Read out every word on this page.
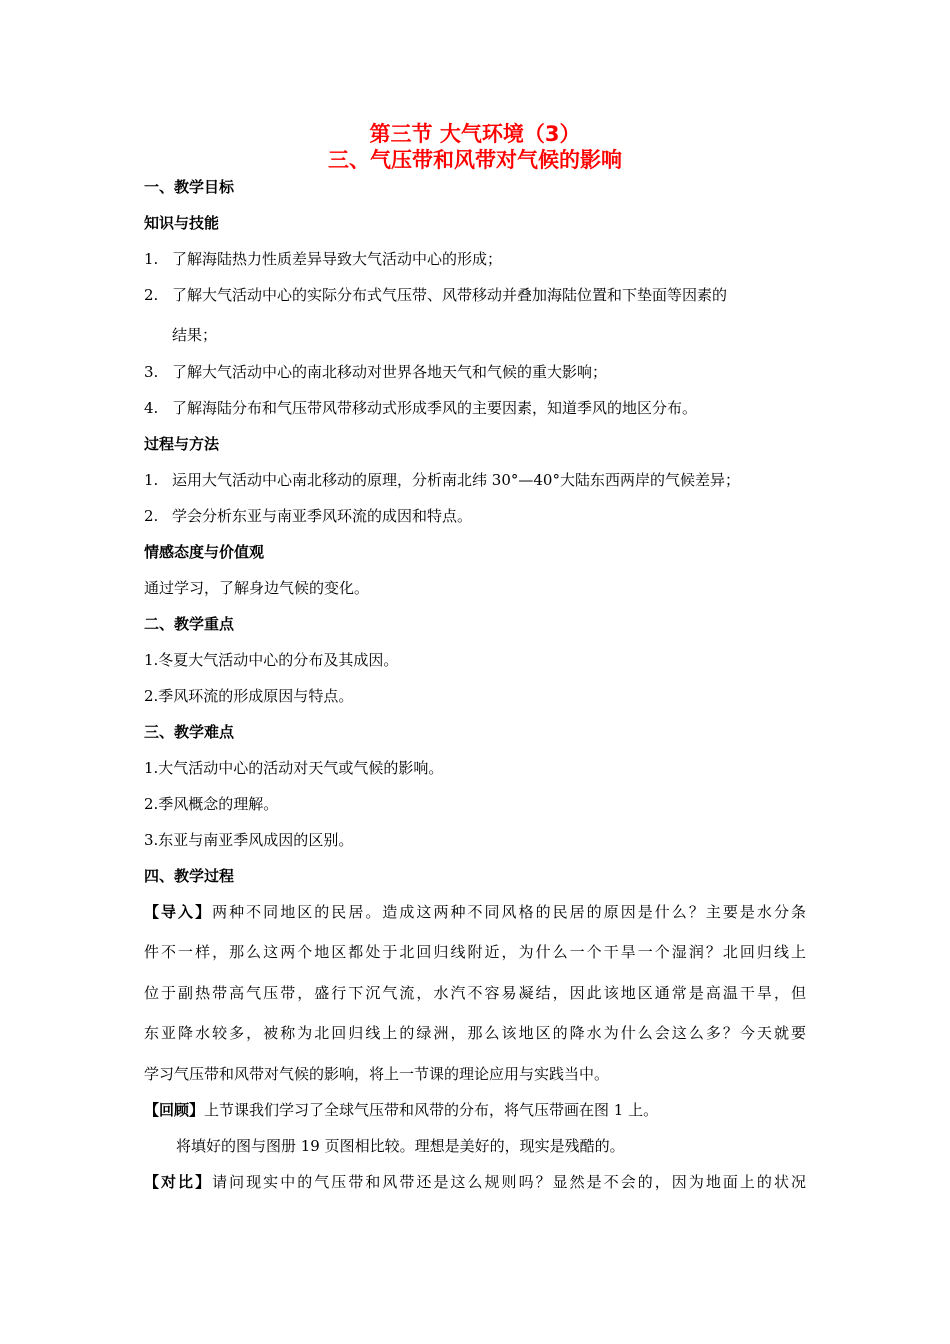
第三节 大气环境（3）
三、气压带和风带对气候的影响
一、教学目标
知识与技能
1. 了解海陆热力性质差异导致大气活动中心的形成；
2. 了解大气活动中心的实际分布式气压带、风带移动并叠加海陆位置和下垫面等因素的
结果；
3. 了解大气活动中心的南北移动对世界各地天气和气候的重大影响；
4. 了解海陆分布和气压带风带移动式形成季风的主要因素，知道季风的地区分布。
过程与方法
1. 运用大气活动中心南北移动的原理，分析南北纬 30°—40°大陆东西两岸的气候差异；
2. 学会分析东亚与南亚季风环流的成因和特点。
情感态度与价值观
通过学习，了解身边气候的变化。
二、教学重点
1.冬夏大气活动中心的分布及其成因。
2.季风环流的形成原因与特点。
三、教学难点
1.大气活动中心的活动对天气或气候的影响。
2.季风概念的理解。
3.东亚与南亚季风成因的区别。
四、教学过程
【导入】两种不同地区的民居。造成这两种不同风格的民居的原因是什么？主要是水分条
件不一样，那么这两个地区都处于北回归线附近，为什么一个干旱一个湿润？北回归线上
位于副热带高气压带，盛行下沉气流，水汽不容易凝结，因此该地区通常是高温干旱，但
东亚降水较多，被称为北回归线上的绿洲，那么该地区的降水为什么会这么多？今天就要
学习气压带和风带对气候的影响，将上一节课的理论应用与实践当中。
【回顾】上节课我们学习了全球气压带和风带的分布，将气压带画在图 1 上。
将填好的图与图册 19 页图相比较。理想是美好的，现实是残酷的。
【对比】请问现实中的气压带和风带还是这么规则吗？显然是不会的，因为地面上的状况
